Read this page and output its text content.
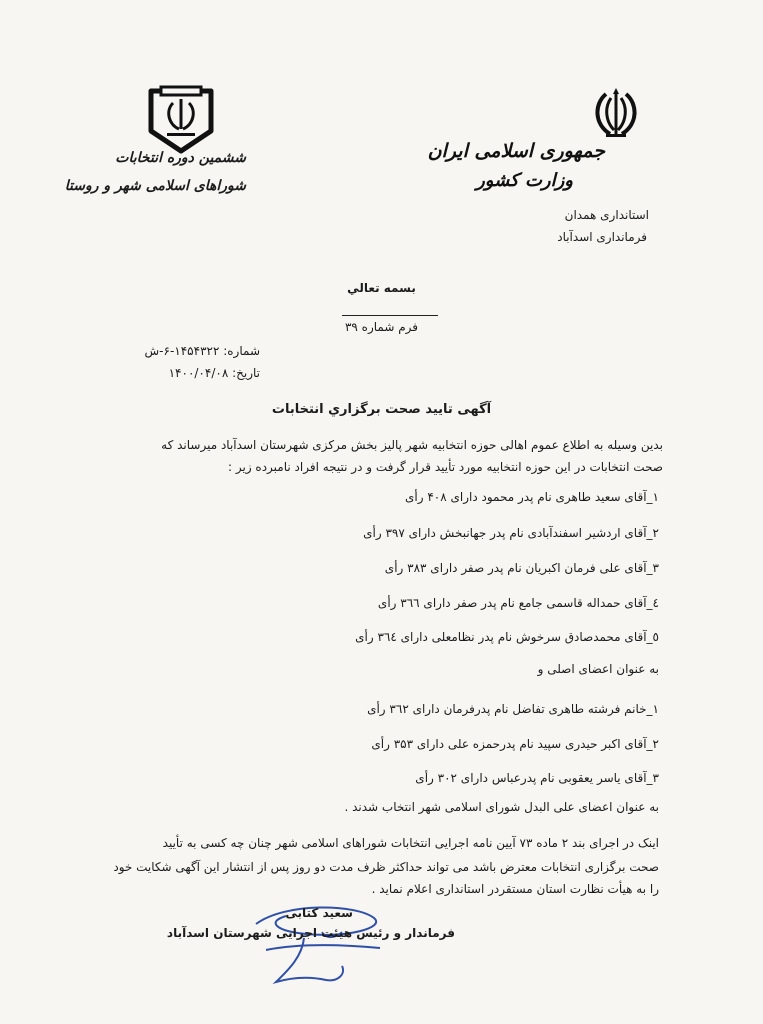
جمهوری اسلامی ایران
وزارت کشور
استانداری همدان
فرمانداری اسدآباد
ششمین دوره انتخابات
شوراهای اسلامی شهر و روستا
بسمه تعالي
فرم شماره ۳۹
شماره: ۱۴۵۴۳۲۲-۶-ش
تاریخ: ۱۴۰۰/۰۴/۰۸
آگهی تایید صحت برگزاري انتخابات
بدین وسیله به اطلاع عموم اهالی حوزه انتخابیه شهر پالیز بخش مرکزی شهرستان اسدآباد میرساند که
صحت انتخابات در این حوزه انتخابیه مورد تأیید قرار گرفت و در نتیجه افراد نامبرده زیر :
۱_آقای سعید طاهری نام پدر محمود دارای ۴۰۸ رأی
۲_آقای اردشیر اسفندآبادی نام پدر جهانبخش دارای ۳۹۷ رأی
۳_آقای علی فرمان اکبریان نام پدر صفر دارای ۳۸۳ رأی
٤_آقای حمداله قاسمی جامع نام پدر صفر دارای ۳٦٦ رأی
٥_آقای محمدصادق سرخوش نام پدر نظامعلی دارای ۳٦٤ رأی
به عنوان اعضای اصلی و
۱_خانم فرشته طاهری تفاضل نام پدرفرمان دارای ۳٦۲ رأی
۲_آقای اکبر حیدری سپید نام پدرحمزه علی دارای ۳۵۳ رأی
۳_آقای یاسر یعقوبی نام پدرعباس دارای ۳۰۲ رأی
به عنوان اعضای علی البدل شورای اسلامی شهر انتخاب شدند .
اینک در اجرای بند ۲ ماده ۷۳ آیین نامه اجرایی انتخابات شوراهای اسلامی شهر چنان چه کسی به تأیید
صحت برگزاری انتخابات معترض باشد می تواند حداکثر ظرف مدت دو روز پس از انتشار این آگهی شکایت خود
را به هیأت نظارت استان مستقردر استانداری اعلام نماید .
سعید کتابی
فرماندار و رئیس هیئت اجرایی شهرستان اسدآباد
